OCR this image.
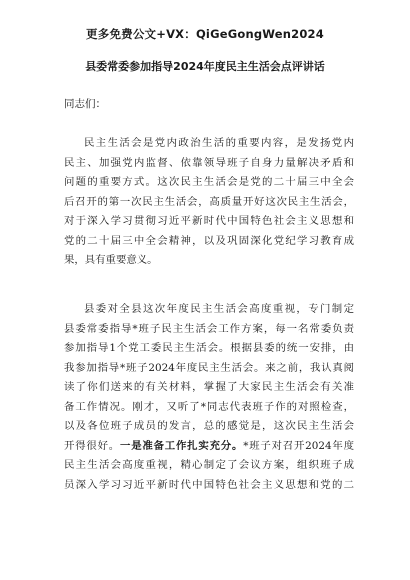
更多免费公文+VX：QiGeGongWen2024
县委常委参加指导2024年度民主生活会点评讲话
同志们：
民主生活会是党内政治生活的重要内容，是发扬党内
民主、加强党内监督、依靠领导班子自身力量解决矛盾和
问题的重要方式。这次民主生活会是党的二十届三中全会
后召开的第一次民主生活会，高质量开好这次民主生活会，
对于深入学习贯彻习近平新时代中国特色社会主义思想和
党的二十届三中全会精神，以及巩固深化党纪学习教育成
果，具有重要意义。
县委对全县这次年度民主生活会高度重视，专门制定
县委常委指导*班子民主生活会工作方案，每一名常委负责
参加指导1个党工委民主生活会。根据县委的统一安排，由
我参加指导*班子2024年度民主生活会。来之前，我认真阅
读了你们送来的有关材料，掌握了大家民主生活会有关准
备工作情况。刚才，又听了*同志代表班子作的对照检查，
以及各位班子成员的发言，总的感觉是，这次民主生活会
开得很好。一是准备工作扎实充分。*班子对召开2024年度
民主生活会高度重视，精心制定了会议方案，组织班子成
员深入学习习近平新时代中国特色社会主义思想和党的二
